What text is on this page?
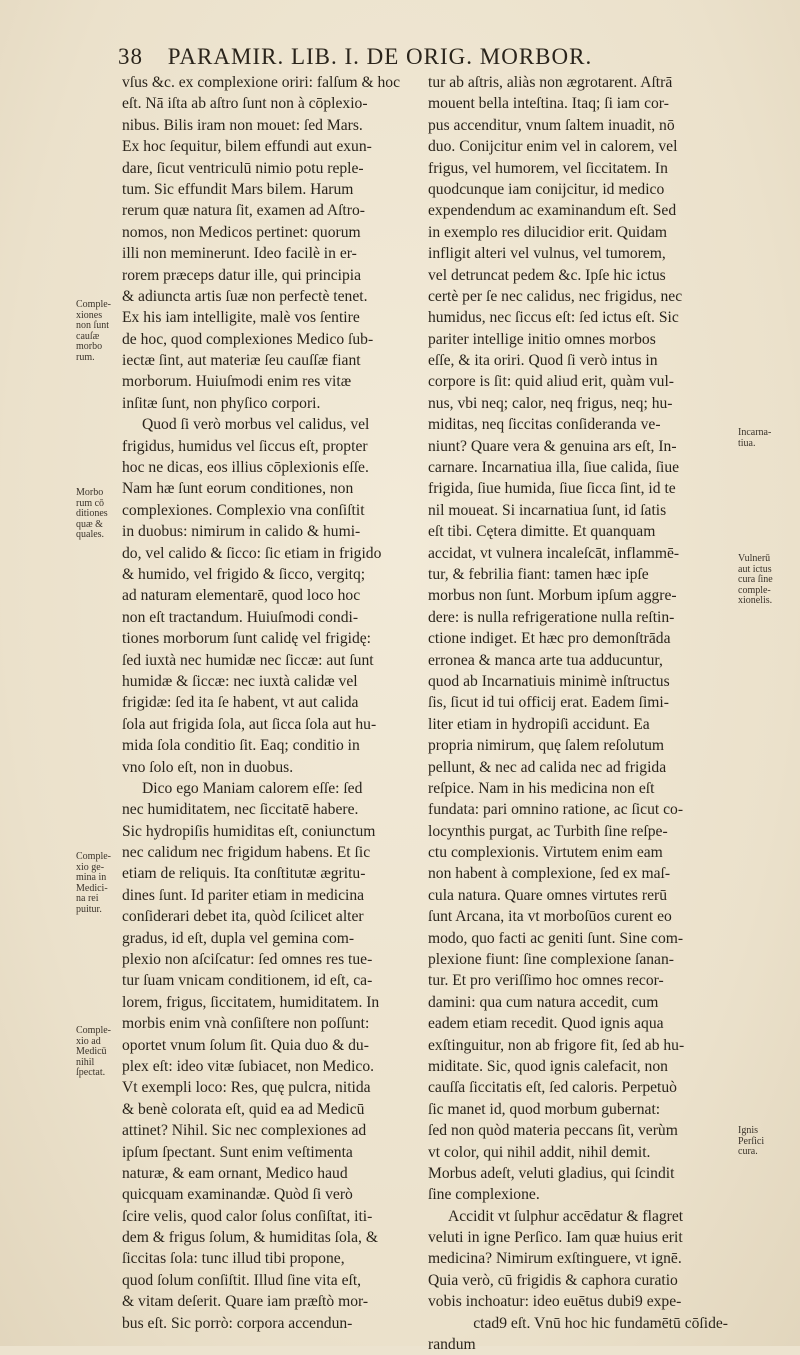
38 PARAMIR. LIB. I. DE ORIG. MORBOR.
vſus &c. ex complexione oriri: falſum & hoc
eſt. Nā iſta ab aſtro ſunt non à cōplexio-
nibus. Bilis iram non mouet: ſed Mars.
Ex hoc ſequitur, bilem effundi aut exun-
dare, ſicut ventriculū nimio potu reple-
tum. Sic effundit Mars bilem. Harum
rerum quæ natura ſit, examen ad Aſtro-
nomos, non Medicos pertinet: quorum
illi non meminerunt. Ideo facilè in er-
rorem præceps datur ille, qui principia
& adiuncta artis ſuæ non perfectè tenet.
Ex his iam intelligite, malè vos ſentire
de hoc, quod complexiones Medico ſub-
iectæ ſint, aut materiæ ſeu cauſſæ fiant
morborum. Huiuſmodi enim res vitæ
inſitæ ſunt, non phyſico corpori.
Quod ſi verò morbus vel calidus, vel
frigidus, humidus vel ſiccus eſt, propter
hoc ne dicas, eos illius cōplexionis eſſe.
Nam hæ ſunt eorum conditiones, non
complexiones. Complexio vna conſiſtit
in duobus: nimirum in calido & humi-
do, vel calido & ſicco: ſic etiam in frigido
& humido, vel frigido & ſicco, vergitq;
ad naturam elementarē, quod loco hoc
non eſt tractandum. Huiuſmodi condi-
tiones morborum ſunt calidę vel frigidę:
ſed iuxtà nec humidæ nec ſiccæ: aut ſunt
humidæ & ſiccæ: nec iuxtà calidæ vel
frigidæ: ſed ita ſe habent, vt aut calida
ſola aut frigida ſola, aut ſicca ſola aut hu-
mida ſola conditio ſit. Eaq; conditio in
vno ſolo eſt, non in duobus.
Dico ego Maniam calorem eſſe: ſed
nec humiditatem, nec ſiccitatē habere.
Sic hydropiſis humiditas eſt, coniunctum
nec calidum nec frigidum habens. Et ſic
etiam de reliquis. Ita conſtitutæ ægritu-
dines ſunt. Id pariter etiam in medicina
conſiderari debet ita, quòd ſcilicet alter
gradus, id eſt, dupla vel gemina com-
plexio non aſciſcatur: ſed omnes res tue-
tur ſuam vnicam conditionem, id eſt, ca-
lorem, frigus, ſiccitatem, humiditatem. In
morbis enim vnà conſiſtere non poſſunt:
oportet vnum ſolum ſit. Quia duo & du-
plex eſt: ideo vitæ ſubiacet, non Medico.
Vt exempli loco: Res, quę pulcra, nitida
& benè colorata eſt, quid ea ad Medicū
attinet? Nihil. Sic nec complexiones ad
ipſum ſpectant. Sunt enim veſtimenta
naturæ, & eam ornant, Medico haud
quicquam examinandæ. Quòd ſi verò
ſcire velis, quod calor ſolus conſiſtat, iti-
dem & frigus ſolum, & humiditas ſola, &
ſiccitas ſola: tunc illud tibi propone,
quod ſolum conſiſtit. Illud ſine vita eſt,
& vitam deſerit. Quare iam præſtò mor-
bus eſt. Sic porrò: corpora accendun-
tur ab aſtris, aliàs non ægrotarent. Aſtrā
mouent bella inteſtina. Itaq; ſi iam cor-
pus accenditur, vnum ſaltem inuadit, nō
duo. Conijcitur enim vel in calorem, vel
frigus, vel humorem, vel ſiccitatem. In
quodcunque iam conijcitur, id medico
expendendum ac examinandum eſt. Sed
in exemplo res dilucidior erit. Quidam
infligit alteri vel vulnus, vel tumorem,
vel detruncat pedem &c. Ipſe hic ictus
certè per ſe nec calidus, nec frigidus, nec
humidus, nec ſiccus eſt: ſed ictus eſt. Sic
pariter intellige initio omnes morbos
eſſe, & ita oriri. Quod ſi verò intus in
corpore is ſit: quid aliud erit, quàm vul-
nus, vbi neq; calor, neq frigus, neq; hu-
miditas, neq ſiccitas conſideranda ve-
niunt? Quare vera & genuina ars eſt, In-
carnare. Incarnatiua illa, ſiue calida, ſiue
frigida, ſiue humida, ſiue ſicca ſint, id te
nil moueat. Si incarnatiua ſunt, id ſatis
eſt tibi. Cętera dimitte. Et quanquam
accidat, vt vulnera incaleſcāt, inflammē-
tur, & febrilia fiant: tamen hæc ipſe
morbus non ſunt. Morbum ipſum aggre-
dere: is nulla refrigeratione nulla reſtin-
ctione indiget. Et hæc pro demonſtrāda
erronea & manca arte tua adducuntur,
quod ab Incarnatiuis minimè inſtructus
ſis, ſicut id tui officij erat. Eadem ſimi-
liter etiam in hydropiſi accidunt. Ea
propria nimirum, quę ſalem reſolutum
pellunt, & nec ad calida nec ad frigida
reſpice. Nam in his medicina non eſt
fundata: pari omnino ratione, ac ſicut co-
locynthis purgat, ac Turbith ſine reſpe-
ctu complexionis. Virtutem enim eam
non habent à complexione, ſed ex maſ-
cula natura. Quare omnes virtutes rerū
ſunt Arcana, ita vt morboſūos curent eo
modo, quo facti ac geniti ſunt. Sine com-
plexione fiunt: ſine complexione ſanan-
tur. Et pro veriſſimo hoc omnes recor-
damini: qua cum natura accedit, cum
eadem etiam recedit. Quod ignis aqua
exſtinguitur, non ab frigore fit, ſed ab hu-
miditate. Sic, quod ignis calefacit, non
cauſſa ſiccitatis eſt, ſed caloris. Perpetuò
ſic manet id, quod morbum gubernat:
ſed non quòd materia peccans ſit, verùm
vt color, qui nihil addit, nihil demit.
Morbus adeſt, veluti gladius, qui ſcindit
ſine complexione.
Accidit vt ſulphur accēdatur & flagret
veluti in igne Perſico. Iam quæ huius erit
medicina? Nimirum exſtinguere, vt ignē.
Quia verò, cū frigidis & caphora curatio
vobis inchoatur: ideo euētus dubi9 expe-
ctad9 eſt. Vnū hoc hic fundamētū cōſide-
randum
Comple-
xiones
non ſunt
cauſæ
morbo
rum.
Morbo
rum cō
ditiones
quæ &
quales.
Comple-
xio ge-
mina in
Medici-
na rei
puitur.
Comple-
xio ad
Medicū
nihil
ſpectat.
Incarna-
tiua.
Vulnerū
aut ictus
cura ſine
comple-
xionelis.
Ignis
Perſici
cura.
